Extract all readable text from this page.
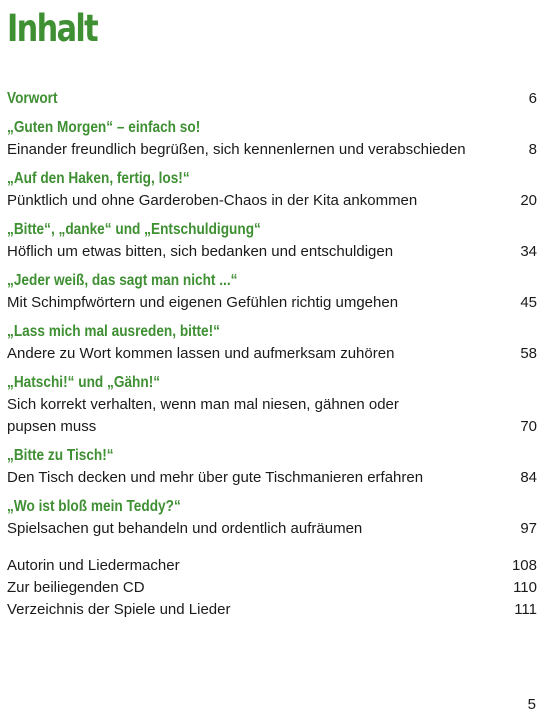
Inhalt
Vorwort	6
„Guten Morgen“ – einfach so!
Einander freundlich begrüßen, sich kennenlernen und verabschieden	8
„Auf den Haken, fertig, los!“
Pünktlich und ohne Garderoben-Chaos in der Kita ankommen	20
„Bitte“, „danke“ und „Entschuldigung“
Höflich um etwas bitten, sich bedanken und entschuldigen	34
„Jeder weiß, das sagt man nicht ...“
Mit Schimpfwörtern und eigenen Gefühlen richtig umgehen	45
„Lass mich mal ausreden, bitte!“
Andere zu Wort kommen lassen und aufmerksam zuhören	58
„Hatschi!“ und „Gähn!“
Sich korrekt verhalten, wenn man mal niesen, gähnen oder
pupsen muss	70
„Bitte zu Tisch!“
Den Tisch decken und mehr über gute Tischmanieren erfahren	84
„Wo ist bloß mein Teddy?“
Spielsachen gut behandeln und ordentlich aufräumen	97
Autorin und Liedermacher	108
Zur beiliegenden CD	110
Verzeichnis der Spiele und Lieder	111
5
